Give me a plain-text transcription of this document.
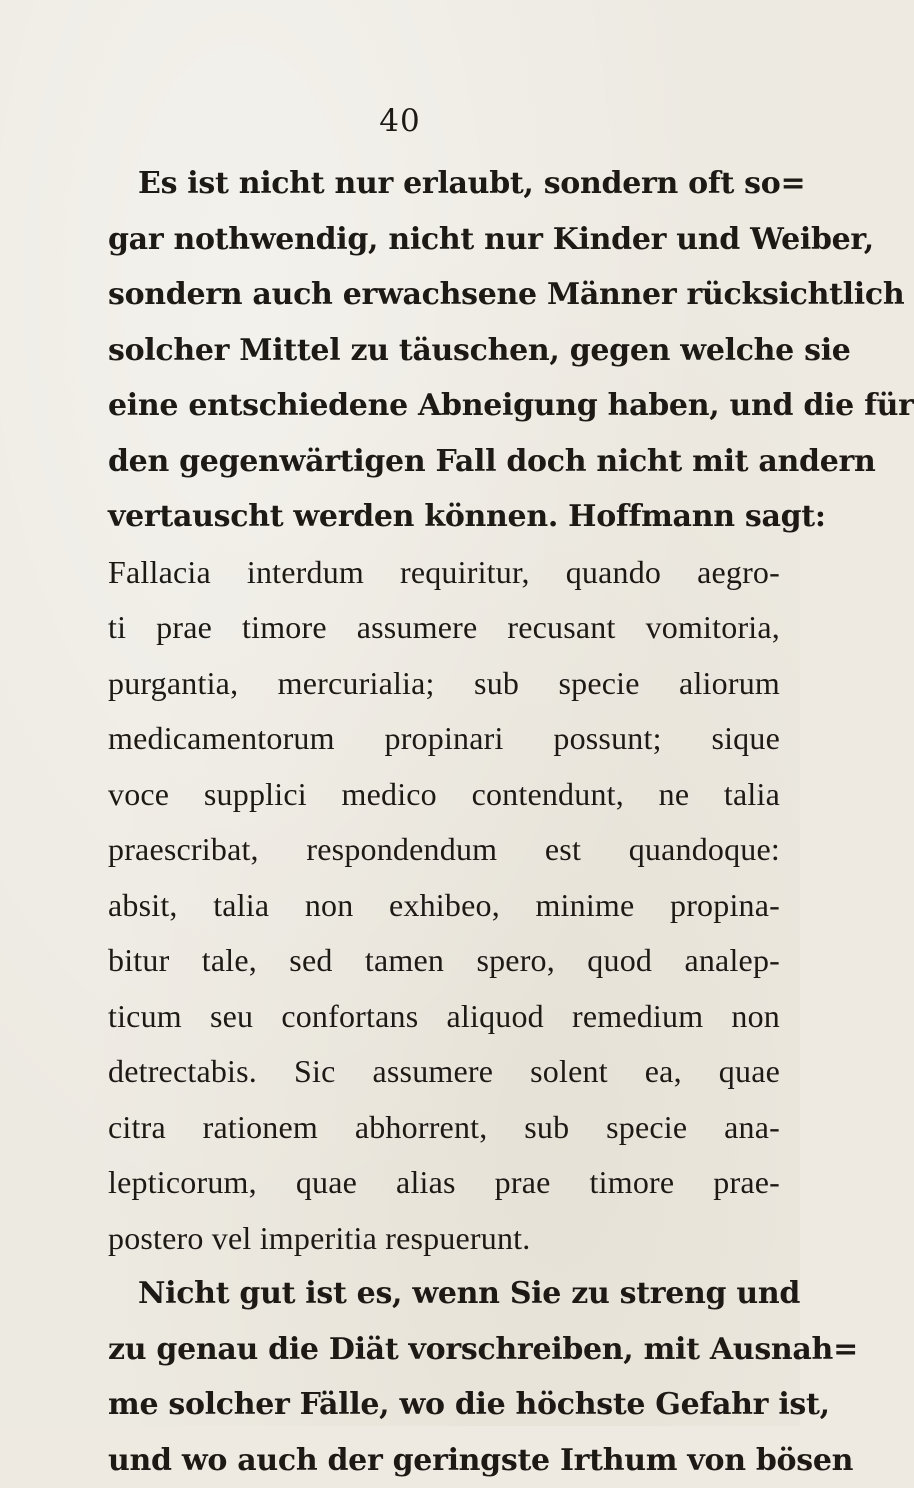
40
Es ist nicht nur erlaubt, sondern oft so=
gar nothwendig, nicht nur Kinder und Weiber,
sondern auch erwachsene Männer rücksichtlich
solcher Mittel zu täuschen, gegen welche sie
eine entschiedene Abneigung haben, und die für
den gegenwärtigen Fall doch nicht mit andern
vertauscht werden können. Hoffmann sagt:
Fallacia interdum requiritur, quando aegro-
ti prae timore assumere recusant vomitoria,
purgantia, mercurialia; sub specie aliorum
medicamentorum propinari possunt; sique
voce supplici medico contendunt, ne talia
praescribat, respondendum est quandoque:
absit, talia non exhibeo, minime propina-
bitur tale, sed tamen spero, quod analep-
ticum seu confortans aliquod remedium non
detrectabis. Sic assumere solent ea, quae
citra rationem abhorrent, sub specie ana-
lepticorum, quae alias prae timore prae-
postero vel imperitia respuerunt.
Nicht gut ist es, wenn Sie zu streng und
zu genau die Diät vorschreiben, mit Ausnah=
me solcher Fälle, wo die höchste Gefahr ist,
und wo auch der geringste Irthum von bösen
